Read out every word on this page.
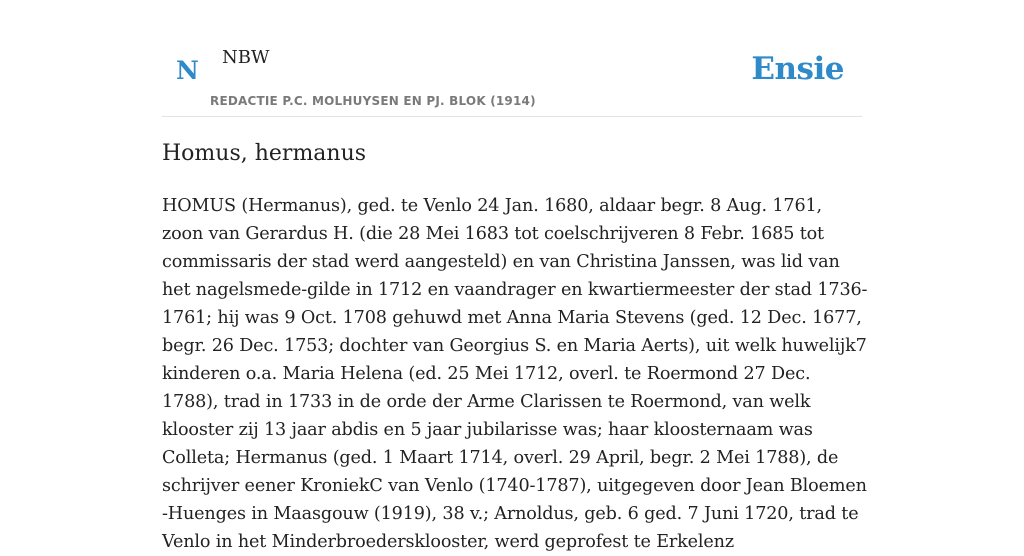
N NBW
REDACTIE P.C. MOLHUYSEN EN PJ. BLOK (1914)
Ensie
Homus, hermanus

HOMUS (Hermanus), ged. te Venlo 24 Jan. 1680, aldaar begr. 8 Aug. 1761, zoon van Gerardus H. (die 28 Mei 1683 tot coelschrijveren 8 Febr. 1685 tot commissaris der stad werd aangesteld) en van Christina Janssen, was lid van het nagelsmede-gilde in 1712 en vaandrager en kwartiermeester der stad 1736-1761; hij was 9 Oct. 1708 gehuwd met Anna Maria Stevens (ged. 12 Dec. 1677, begr. 26 Dec. 1753; dochter van Georgius S. en Maria Aerts), uit welk huwelijk7 kinderen o.a. Maria Helena (ed. 25 Mei 1712, overl. te Roermond 27 Dec. 1788), trad in 1733 in de orde der Arme Clarissen te Roermond, van welk klooster zij 13 jaar abdis en 5 jaar jubilarisse was; haar kloosternaam was Colleta; Hermanus (ged. 1 Maart 1714, overl. 29 April, begr. 2 Mei 1788), de schrijver eener KroniekC van Venlo (1740-1787), uitgegeven door Jean Bloemen -Huenges in Maasgouw (1919), 38 v.; Arnoldus, geb. 6 ged. 7 Juni 1720, trad te Venlo in het Minderbroedersklooster, werd geprofest te Erkelenz
